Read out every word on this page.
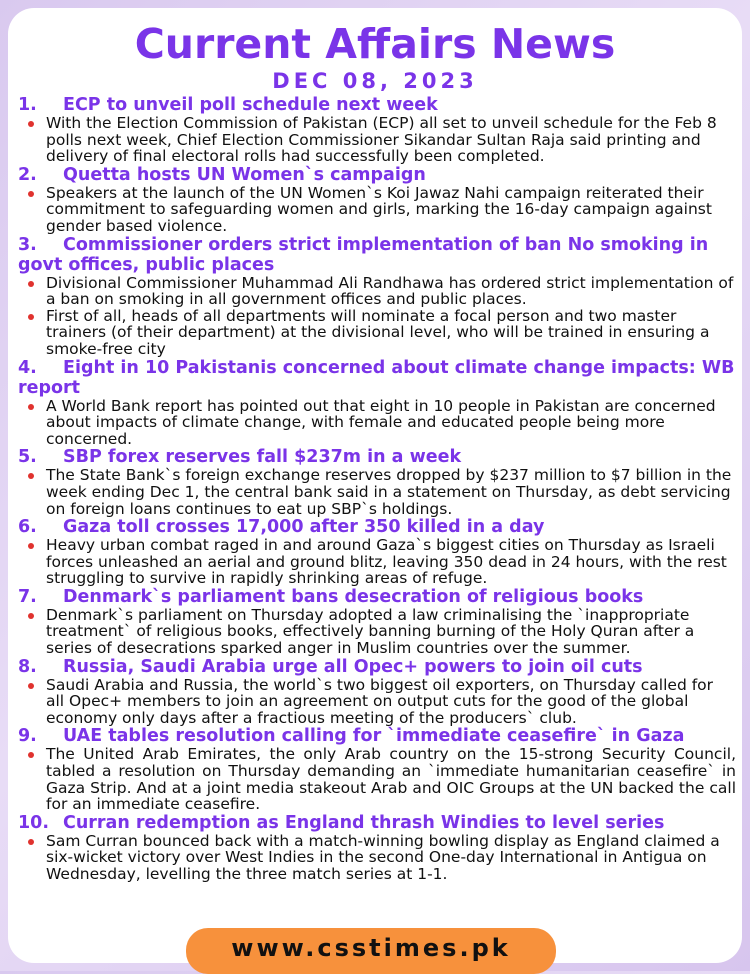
Current Affairs News
DEC 08, 2023
1. ECP to unveil poll schedule next week
With the Election Commission of Pakistan (ECP) all set to unveil schedule for the Feb 8 polls next week, Chief Election Commissioner Sikandar Sultan Raja said printing and delivery of final electoral rolls had successfully been completed.
2. Quetta hosts UN Women`s campaign
Speakers at the launch of the UN Women`s Koi Jawaz Nahi campaign reiterated their commitment to safeguarding women and girls, marking the 16-day campaign against gender based violence.
3. Commissioner orders strict implementation of ban No smoking in govt offices, public places
Divisional Commissioner Muhammad Ali Randhawa has ordered strict implementation of a ban on smoking in all government offices and public places.
First of all, heads of all departments will nominate a focal person and two master trainers (of their department) at the divisional level, who will be trained in ensuring a smoke-free city
4. Eight in 10 Pakistanis concerned about climate change impacts: WB report
A World Bank report has pointed out that eight in 10 people in Pakistan are concerned about impacts of climate change, with female and educated people being more concerned.
5. SBP forex reserves fall $237m in a week
The State Bank`s foreign exchange reserves dropped by $237 million to $7 billion in the week ending Dec 1, the central bank said in a statement on Thursday, as debt servicing on foreign loans continues to eat up SBP`s holdings.
6. Gaza toll crosses 17,000 after 350 killed in a day
Heavy urban combat raged in and around Gaza`s biggest cities on Thursday as Israeli forces unleashed an aerial and ground blitz, leaving 350 dead in 24 hours, with the rest struggling to survive in rapidly shrinking areas of refuge.
7. Denmark`s parliament bans desecration of religious books
Denmark`s parliament on Thursday adopted a law criminalising the `inappropriate treatment` of religious books, effectively banning burning of the Holy Quran after a series of desecrations sparked anger in Muslim countries over the summer.
8. Russia, Saudi Arabia urge all Opec+ powers to join oil cuts
Saudi Arabia and Russia, the world`s two biggest oil exporters, on Thursday called for all Opec+ members to join an agreement on output cuts for the good of the global economy only days after a fractious meeting of the producers` club.
9. UAE tables resolution calling for `immediate ceasefire` in Gaza
The United Arab Emirates, the only Arab country on the 15-strong Security Council, tabled a resolution on Thursday demanding an `immediate humanitarian ceasefire` in Gaza Strip. And at a joint media stakeout Arab and OIC Groups at the UN backed the call for an immediate ceasefire.
10. Curran redemption as England thrash Windies to level series
Sam Curran bounced back with a match-winning bowling display as England claimed a six-wicket victory over West Indies in the second One-day International in Antigua on Wednesday, levelling the three match series at 1-1.
www.csstimes.pk
